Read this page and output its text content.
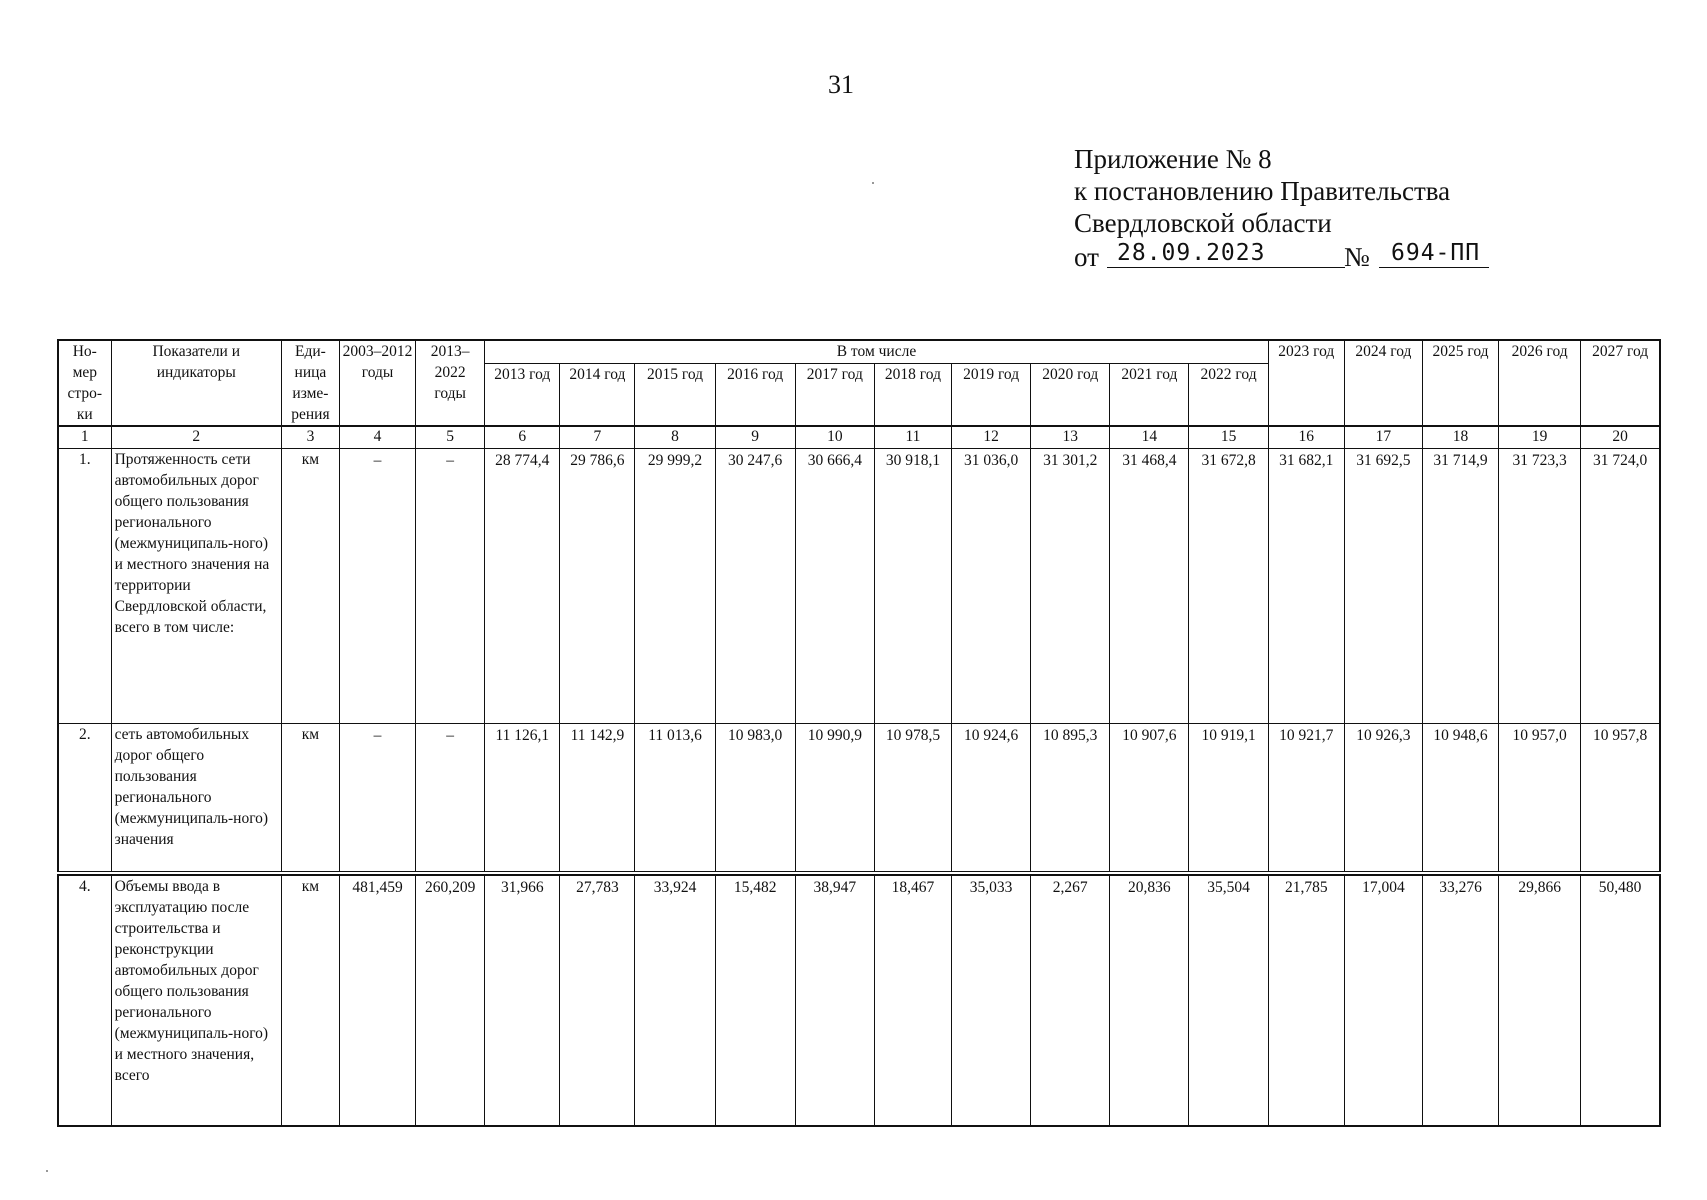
31
Приложение № 8
к постановлению Правительства
Свердловской области
от 28.09.2023	№ 694-ПП
Но-мер стро-ки	Показатели и индикаторы	Еди-ница изме-рения	2003–2012 годы	2013–2022 годы	В том числе										2023 год	2024 год	2025 год	2026 год	2027 год
					2013 год	2014 год	2015 год	2016 год	2017 год	2018 год	2019 год	2020 год	2021 год	2022 год					
1	2	3	4	5	6	7	8	9	10	11	12	13	14	15	16	17	18	19	20
1.	Протяженность сети автомобильных дорог общего пользования регионального (межмуниципаль-ного) и местного значения на территории Свердловской области, всего в том числе:	км	–	–	28 774,4	29 786,6	29 999,2	30 247,6	30 666,4	30 918,1	31 036,0	31 301,2	31 468,4	31 672,8	31 682,1	31 692,5	31 714,9	31 723,3	31 724,0
2.	сеть автомобильных дорог общего пользования регионального (межмуниципаль-ного) значения	км	–	–	11 126,1	11 142,9	11 013,6	10 983,0	10 990,9	10 978,5	10 924,6	10 895,3	10 907,6	10 919,1	10 921,7	10 926,3	10 948,6	10 957,0	10 957,8

4.	Объемы ввода в эксплуатацию после строительства и реконструкции автомобильных дорог общего пользования регионального (межмуниципаль-ного) и местного значения, всего	км	481,459	260,209	31,966	27,783	33,924	15,482	38,947	18,467	35,033	2,267	20,836	35,504	21,785	17,004	33,276	29,866	50,480
